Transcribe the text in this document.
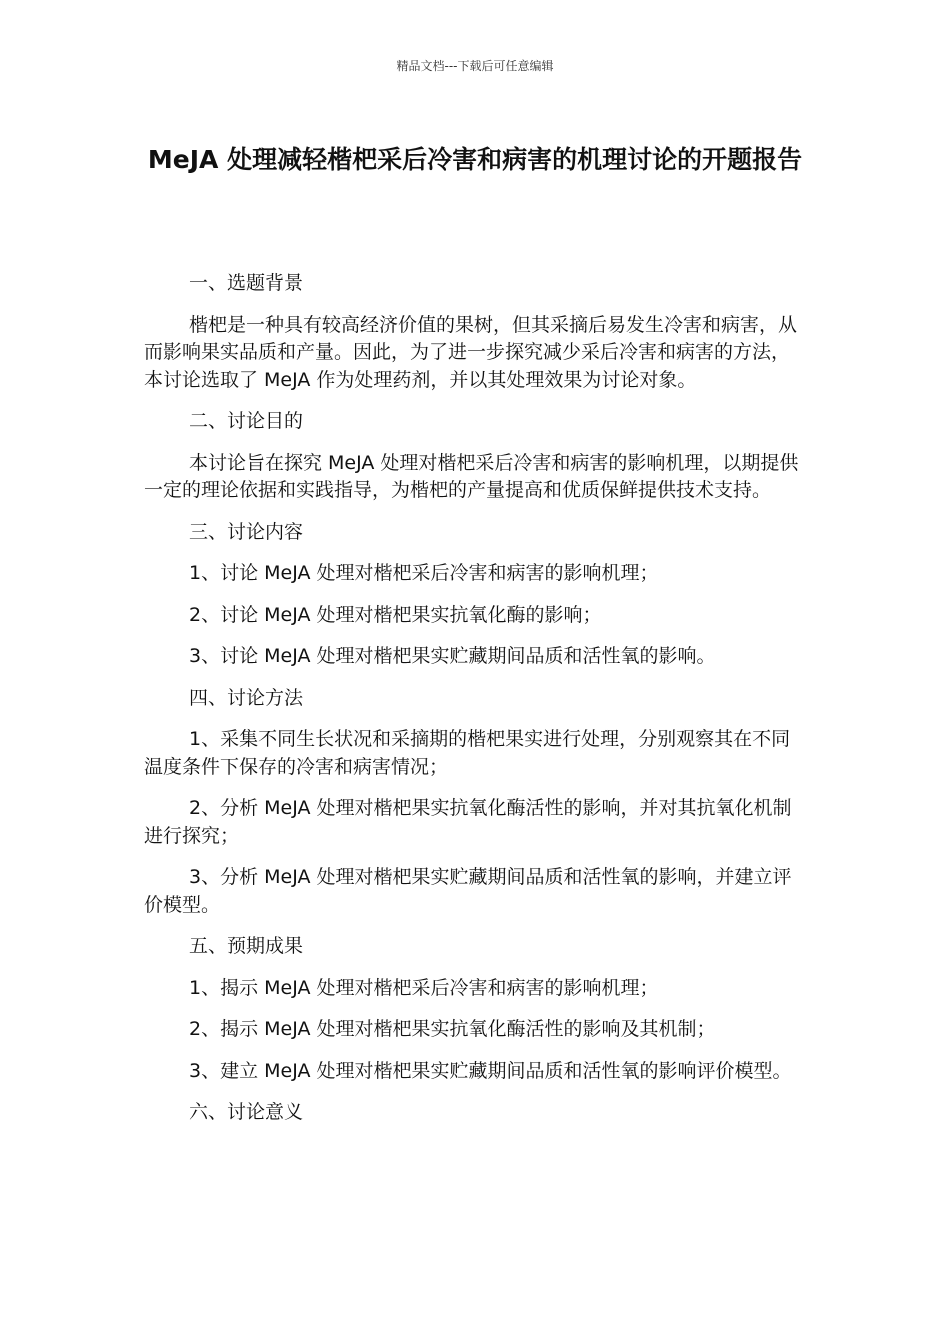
精品文档---下载后可任意编辑
MeJA 处理减轻楷杷采后冷害和病害的机理讨论的开题报告

一、选题背景

楷杷是一种具有较高经济价值的果树，但其采摘后易发生冷害和病害，从而影响果实品质和产量。因此，为了进一步探究减少采后冷害和病害的方法，本讨论选取了 MeJA 作为处理药剂，并以其处理效果为讨论对象。

二、讨论目的

本讨论旨在探究 MeJA 处理对楷杷采后冷害和病害的影响机理，以期提供一定的理论依据和实践指导，为楷杷的产量提高和优质保鲜提供技术支持。

三、讨论内容

1、讨论 MeJA 处理对楷杷采后冷害和病害的影响机理；

2、讨论 MeJA 处理对楷杷果实抗氧化酶的影响；

3、讨论 MeJA 处理对楷杷果实贮藏期间品质和活性氧的影响。

四、讨论方法

1、采集不同生长状况和采摘期的楷杷果实进行处理，分别观察其在不同温度条件下保存的冷害和病害情况；

2、分析 MeJA 处理对楷杷果实抗氧化酶活性的影响，并对其抗氧化机制进行探究；

3、分析 MeJA 处理对楷杷果实贮藏期间品质和活性氧的影响，并建立评价模型。

五、预期成果

1、揭示 MeJA 处理对楷杷采后冷害和病害的影响机理；

2、揭示 MeJA 处理对楷杷果实抗氧化酶活性的影响及其机制；

3、建立 MeJA 处理对楷杷果实贮藏期间品质和活性氧的影响评价模型。

六、讨论意义
